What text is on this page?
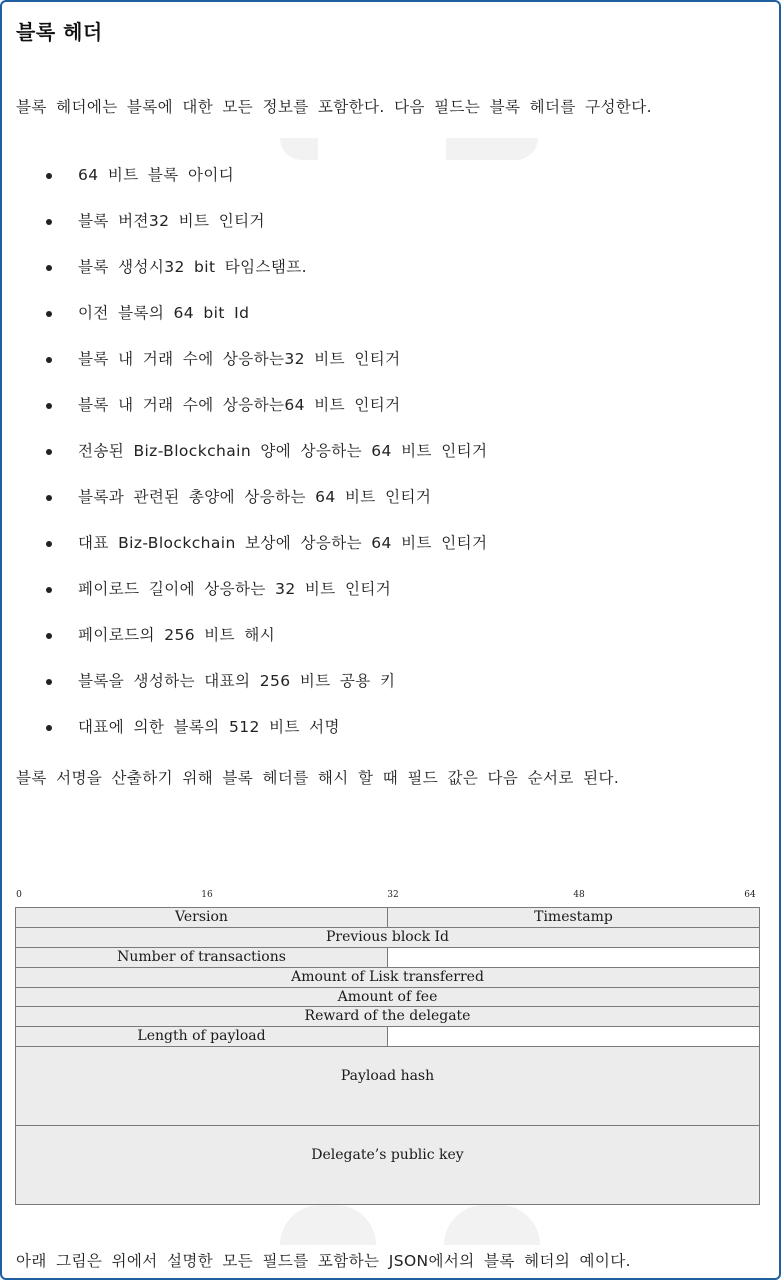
블록 헤더
블록 헤더에는 블록에 대한 모든 정보를 포함한다. 다음 필드는 블록 헤더를 구성한다.
64 비트 블록 아이디
블록 버젼32 비트 인티거
블록 생성시32 bit 타임스탬프.
이전 블록의 64 bit Id
블록 내 거래 수에 상응하는32 비트 인티거
블록 내 거래 수에 상응하는64 비트 인티거
전송된 Biz-Blockchain 양에 상응하는 64 비트 인티거
블록과 관련된 총양에 상응하는 64 비트 인티거
대표 Biz-Blockchain 보상에 상응하는 64 비트 인티거
페이로드 길이에 상응하는 32 비트 인티거
페이로드의 256 비트 해시
블록을 생성하는 대표의 256 비트 공용 키
대표에 의한 블록의 512 비트 서명
블록 서명을 산출하기 위해 블록 헤더를 해시 할 때 필드 값은 다음 순서로 된다.
0	16	32	48	64
Version	Timestamp
Previous block Id
Number of transactions
Amount of Lisk transferred
Amount of fee
Reward of the delegate
Length of payload
Payload hash
Delegate’s public key
아래 그림은 위에서 설명한 모든 필드를 포함하는 JSON에서의 블록 헤더의 예이다.
